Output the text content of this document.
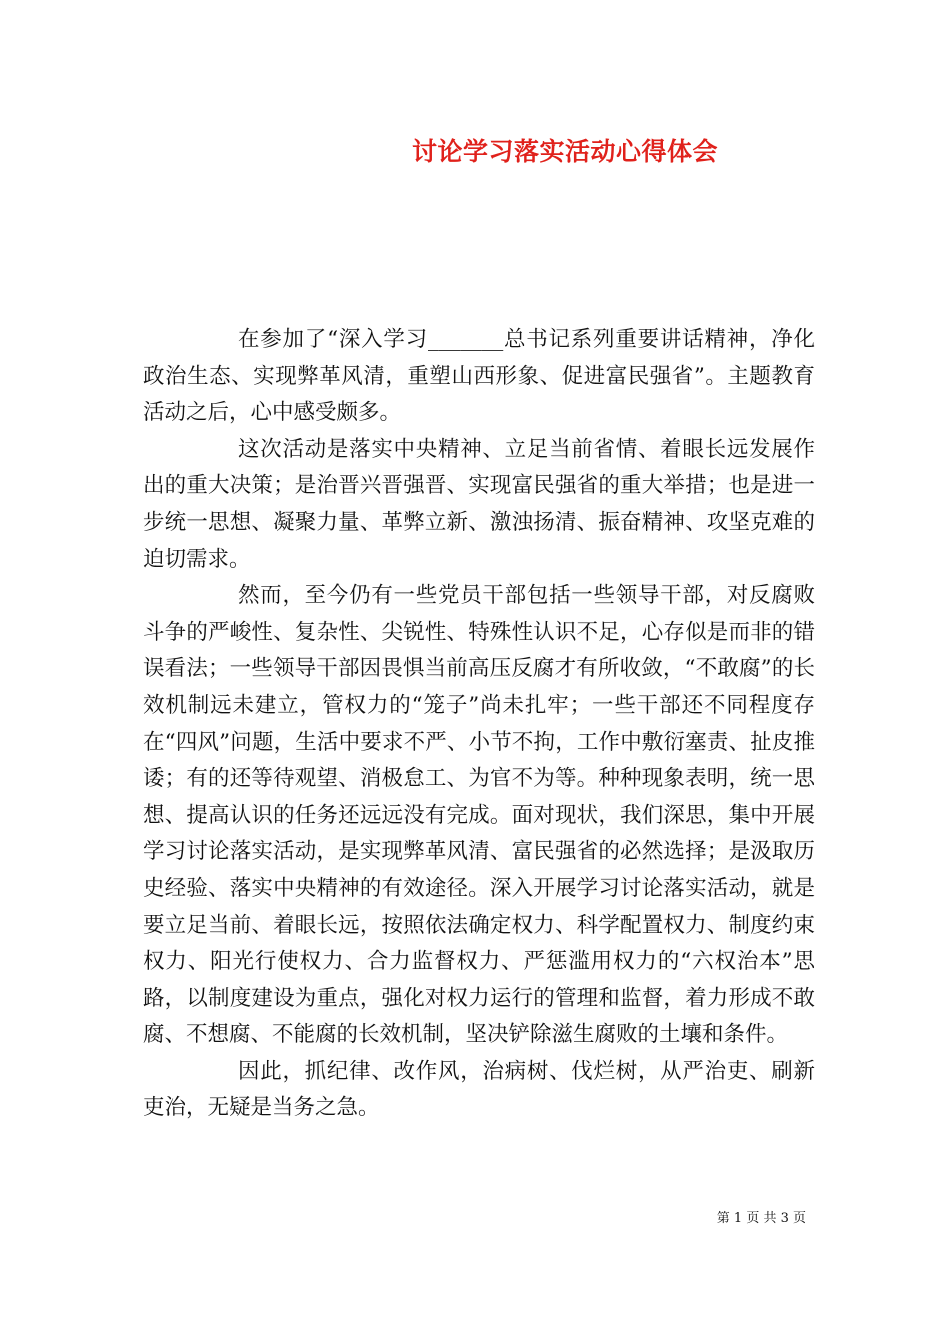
讨论学习落实活动心得体会

在参加了“深入学习_______总书记系列重要讲话精神，净化政治生态、实现弊革风清，重塑山西形象、促进富民强省”。主题教育活动之后，心中感受颇多。

这次活动是落实中央精神、立足当前省情、着眼长远发展作出的重大决策；是治晋兴晋强晋、实现富民强省的重大举措；也是进一步统一思想、凝聚力量、革弊立新、激浊扬清、振奋精神、攻坚克难的迫切需求。

然而，至今仍有一些党员干部包括一些领导干部，对反腐败斗争的严峻性、复杂性、尖锐性、特殊性认识不足，心存似是而非的错误看法；一些领导干部因畏惧当前高压反腐才有所收敛，“不敢腐”的长效机制远未建立，管权力的“笼子”尚未扎牢；一些干部还不同程度存在“四风”问题，生活中要求不严、小节不拘，工作中敷衍塞责、扯皮推诿；有的还等待观望、消极怠工、为官不为等。种种现象表明，统一思想、提高认识的任务还远远没有完成。面对现状，我们深思，集中开展学习讨论落实活动，是实现弊革风清、富民强省的必然选择；是汲取历史经验、落实中央精神的有效途径。深入开展学习讨论落实活动，就是要立足当前、着眼长远，按照依法确定权力、科学配置权力、制度约束权力、阳光行使权力、合力监督权力、严惩滥用权力的“六权治本”思路，以制度建设为重点，强化对权力运行的管理和监督，着力形成不敢腐、不想腐、不能腐的长效机制，坚决铲除滋生腐败的土壤和条件。

因此，抓纪律、改作风，治病树、伐烂树，从严治吏、刷新吏治，无疑是当务之急。

第 1 页 共 3 页
